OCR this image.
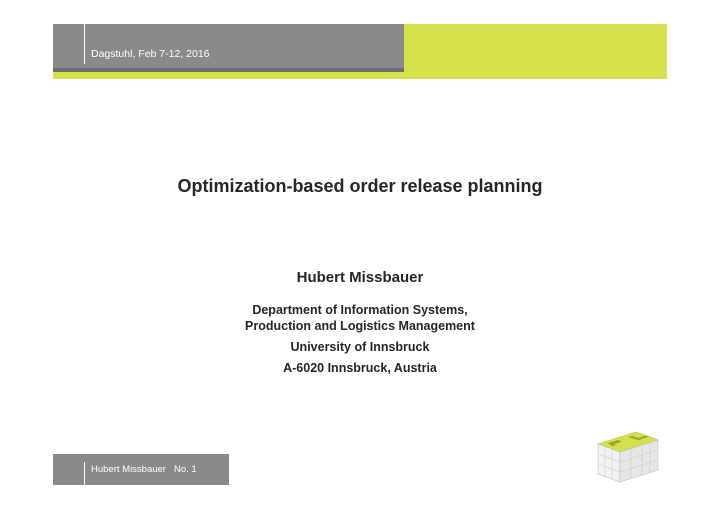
Dagstuhl, Feb 7-12, 2016
Optimization-based order release planning
Hubert Missbauer
Department of Information Systems,
Production and Logistics Management
University of Innsbruck
A-6020 Innsbruck, Austria
Hubert Missbauer No. 1
